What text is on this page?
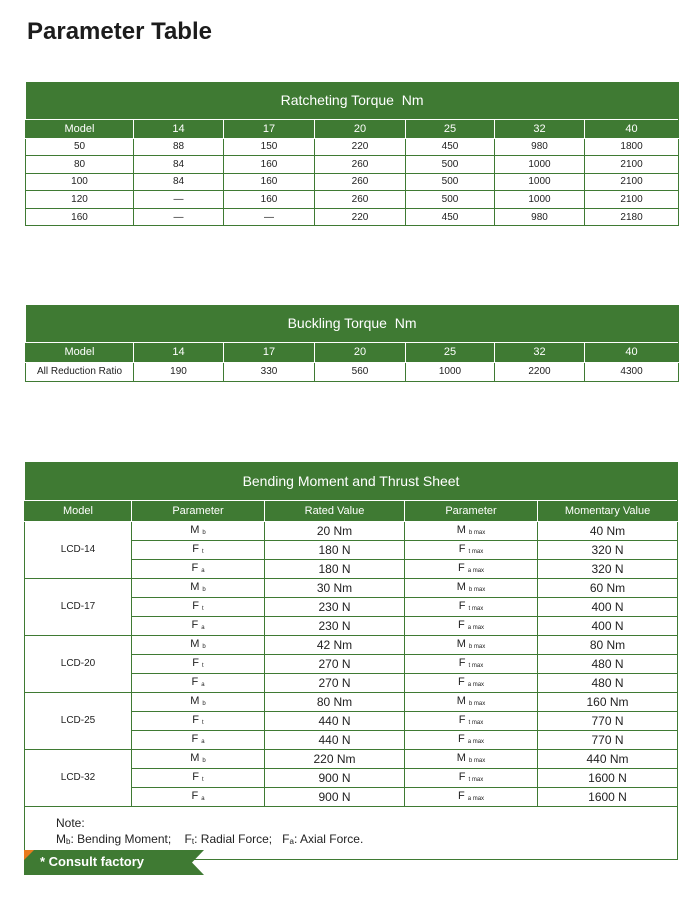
Parameter Table
Ratcheting Torque Nm						
Model	14	17	20	25	32	40
50	88	150	220	450	980	1800
80	84	160	260	500	1000	2100
100	84	160	260	500	1000	2100
120	—	160	260	500	1000	2100
160	—	—	220	450	980	2180
Buckling Torque Nm						
Model	14	17	20	25	32	40
All Reduction Ratio	190	330	560	1000	2200	4300
Bending Moment and Thrust Sheet				
Model	Parameter	Rated Value	Parameter	Momentary Value
LCD-14	M $_b$	20 Nm	M $_{b max}$	40 Nm
	F $_t$	180 N	F $_{t max}$	320 N
	F $_a$	180 N	F $_{a max}$	320 N
LCD-17	M $_b$	30 Nm	M $_{b max}$	60 Nm
	F $_t$	230 N	F $_{t max}$	400 N
	F $_a$	230 N	F $_{a max}$	400 N
LCD-20	M $_b$	42 Nm	M $_{b max}$	80 Nm
	F $_t$	270 N	F $_{t max}$	480 N
	F $_a$	270 N	F $_{a max}$	480 N
LCD-25	M $_b$	80 Nm	M $_{b max}$	160 Nm
	F $_t$	440 N	F $_{t max}$	770 N
	F $_a$	440 N	F $_{a max}$	770 N
LCD-32	M $_b$	220 Nm	M $_{b max}$	440 Nm
	F $_t$	900 N	F $_{t max}$	1600 N
	F $_a$	900 N	F $_{a max}$	1600 N

Note:
$M_b$: Bending Moment; $F_t$: Radial Force; $F_a$: Axial Force.				
* Consult factory
